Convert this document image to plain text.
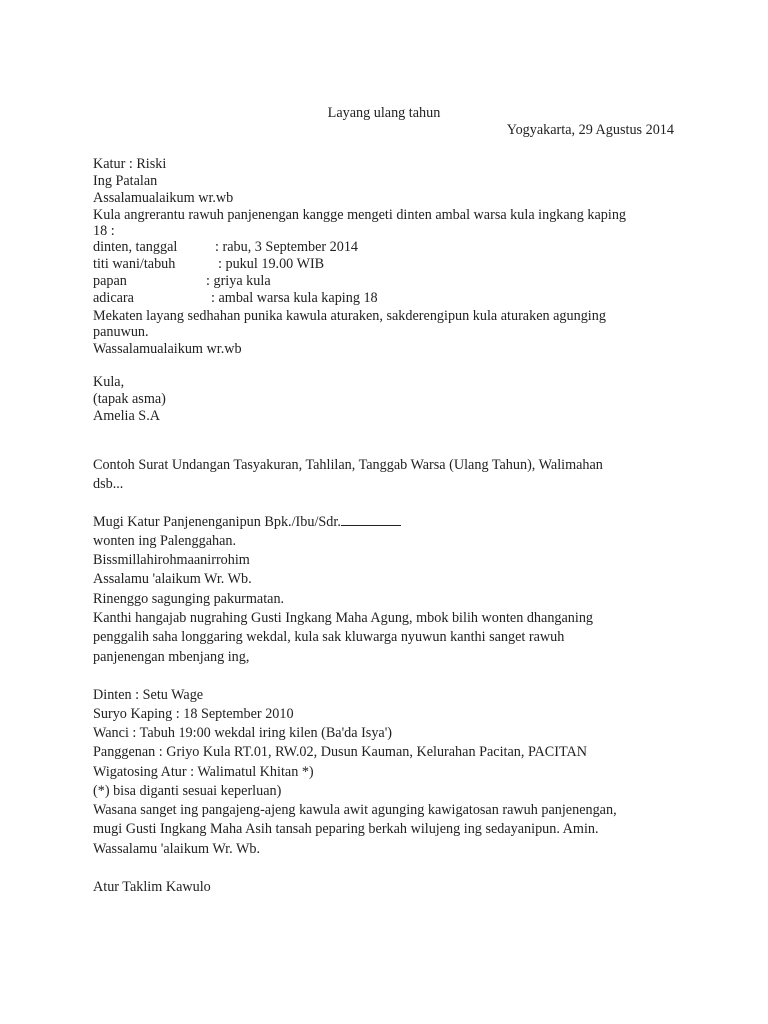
Layang ulang tahun
Yogyakarta, 29 Agustus 2014
Katur : Riski
Ing Patalan
Assalamualaikum wr.wb
Kula angrerantu rawuh panjenengan kangge mengeti dinten ambal warsa kula ingkang kaping
18 :
dinten, tanggal	: rabu, 3 September 2014
titi wani/tabuh	: pukul 19.00 WIB
papan	: griya kula
adicara	: ambal warsa kula kaping 18
Mekaten layang sedhahan punika kawula aturaken, sakderengipun kula aturaken agunging
panuwun.
Wassalamualaikum wr.wb
Kula,
(tapak asma)
Amelia S.A
Contoh Surat Undangan Tasyakuran, Tahlilan, Tanggab Warsa (Ulang Tahun), Walimahan
dsb...
Mugi Katur Panjenenganipun Bpk./Ibu/Sdr.
wonten ing Palenggahan.
Bissmillahirohmaanirrohim
Assalamu 'alaikum Wr. Wb.
Rinenggo sagunging pakurmatan.
Kanthi hangajab nugrahing Gusti Ingkang Maha Agung, mbok bilih wonten dhanganing
penggalih saha longgaring wekdal, kula sak kluwarga nyuwun kanthi sanget rawuh
panjenengan mbenjang ing,
Dinten : Setu Wage
Suryo Kaping : 18 September 2010
Wanci : Tabuh 19:00 wekdal iring kilen (Ba'da Isya')
Panggenan : Griyo Kula RT.01, RW.02, Dusun Kauman, Kelurahan Pacitan, PACITAN
Wigatosing Atur : Walimatul Khitan *)
(*) bisa diganti sesuai keperluan)
Wasana sanget ing pangajeng-ajeng kawula awit agunging kawigatosan rawuh panjenengan,
mugi Gusti Ingkang Maha Asih tansah peparing berkah wilujeng ing sedayanipun. Amin.
Wassalamu 'alaikum Wr. Wb.
Atur Taklim Kawulo
